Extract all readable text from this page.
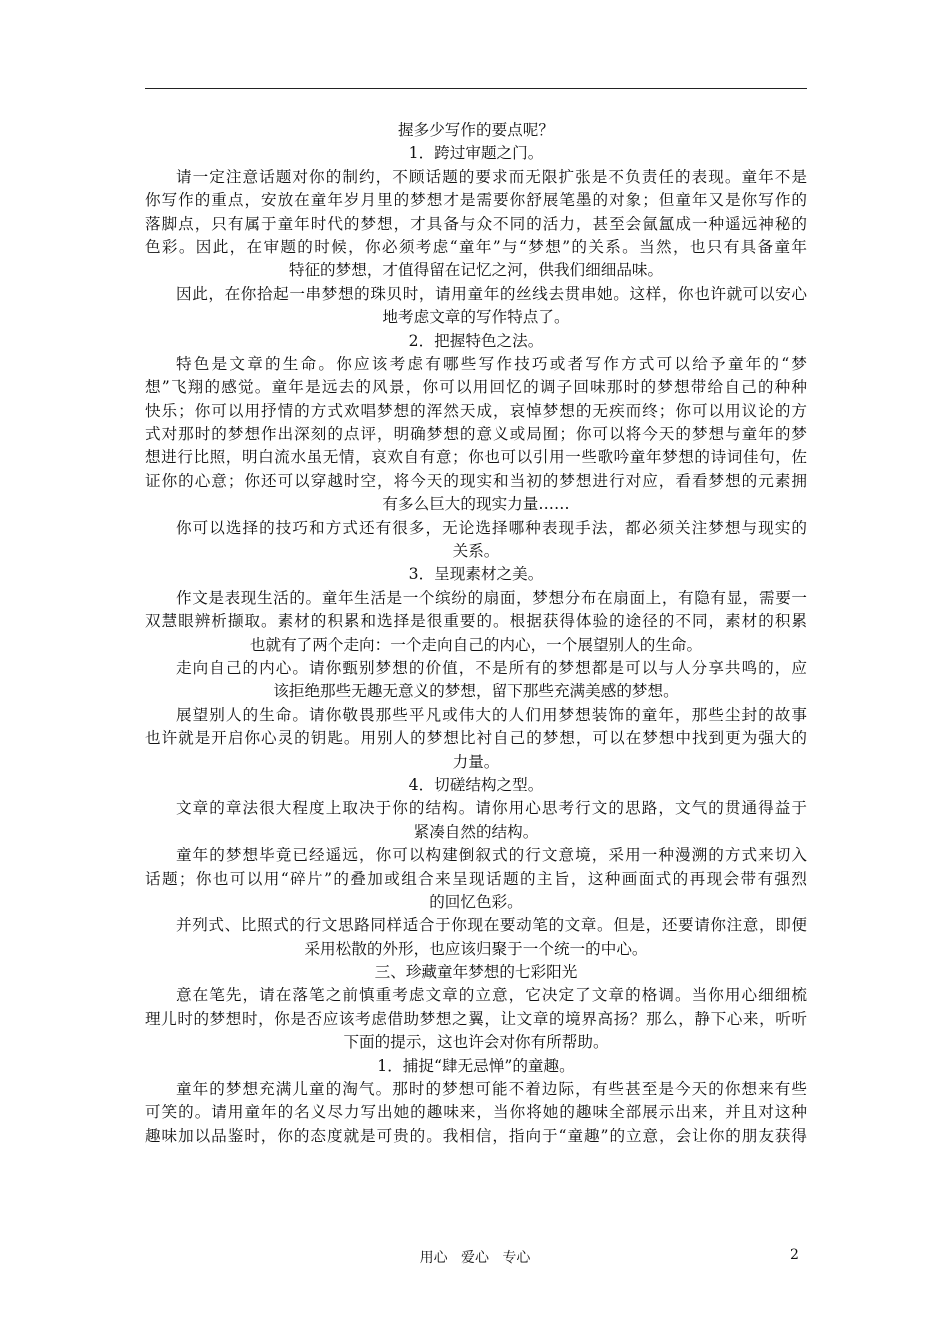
握多少写作的要点呢？
1．跨过审题之门。
请一定注意话题对你的制约，不顾话题的要求而无限扩张是不负责任的表现。童年不是
你写作的重点，安放在童年岁月里的梦想才是需要你舒展笔墨的对象；但童年又是你写作的
落脚点，只有属于童年时代的梦想，才具备与众不同的活力，甚至会氤氲成一种遥远神秘的
色彩。因此，在审题的时候，你必须考虑“童年”与“梦想”的关系。当然，也只有具备童年
特征的梦想，才值得留在记忆之河，供我们细细品味。
因此，在你拾起一串梦想的珠贝时，请用童年的丝线去贯串她。这样，你也许就可以安心
地考虑文章的写作特点了。
2．把握特色之法。
特色是文章的生命。你应该考虑有哪些写作技巧或者写作方式可以给予童年的“梦
想”飞翔的感觉。童年是远去的风景，你可以用回忆的调子回味那时的梦想带给自己的种种
快乐；你可以用抒情的方式欢唱梦想的浑然天成，哀悼梦想的无疾而终；你可以用议论的方
式对那时的梦想作出深刻的点评，明确梦想的意义或局囿；你可以将今天的梦想与童年的梦
想进行比照，明白流水虽无情，哀欢自有意；你也可以引用一些歌吟童年梦想的诗词佳句，佐
证你的心意；你还可以穿越时空，将今天的现实和当初的梦想进行对应，看看梦想的元素拥
有多么巨大的现实力量……
你可以选择的技巧和方式还有很多，无论选择哪种表现手法，都必须关注梦想与现实的
关系。
3．呈现素材之美。
作文是表现生活的。童年生活是一个缤纷的扇面，梦想分布在扇面上，有隐有显，需要一
双慧眼辨析撷取。素材的积累和选择是很重要的。根据获得体验的途径的不同，素材的积累
也就有了两个走向：一个走向自己的内心，一个展望别人的生命。
走向自己的内心。请你甄别梦想的价值，不是所有的梦想都是可以与人分享共鸣的，应
该拒绝那些无趣无意义的梦想，留下那些充满美感的梦想。
展望别人的生命。请你敬畏那些平凡或伟大的人们用梦想装饰的童年，那些尘封的故事
也许就是开启你心灵的钥匙。用别人的梦想比衬自己的梦想，可以在梦想中找到更为强大的
力量。
4．切磋结构之型。
文章的章法很大程度上取决于你的结构。请你用心思考行文的思路，文气的贯通得益于
紧凑自然的结构。
童年的梦想毕竟已经遥远，你可以构建倒叙式的行文意境，采用一种漫溯的方式来切入
话题；你也可以用“碎片”的叠加或组合来呈现话题的主旨，这种画面式的再现会带有强烈
的回忆色彩。
并列式、比照式的行文思路同样适合于你现在要动笔的文章。但是，还要请你注意，即便
采用松散的外形，也应该归聚于一个统一的中心。
三、珍藏童年梦想的七彩阳光
意在笔先，请在落笔之前慎重考虑文章的立意，它决定了文章的格调。当你用心细细梳
理儿时的梦想时，你是否应该考虑借助梦想之翼，让文章的境界高扬？那么，静下心来，听听
下面的提示，这也许会对你有所帮助。
1．捕捉“肆无忌惮”的童趣。
童年的梦想充满儿童的淘气。那时的梦想可能不着边际，有些甚至是今天的你想来有些
可笑的。请用童年的名义尽力写出她的趣味来，当你将她的趣味全部展示出来，并且对这种
趣味加以品鉴时，你的态度就是可贵的。我相信，指向于“童趣”的立意，会让你的朋友获得
用心 爱心 专心	2
